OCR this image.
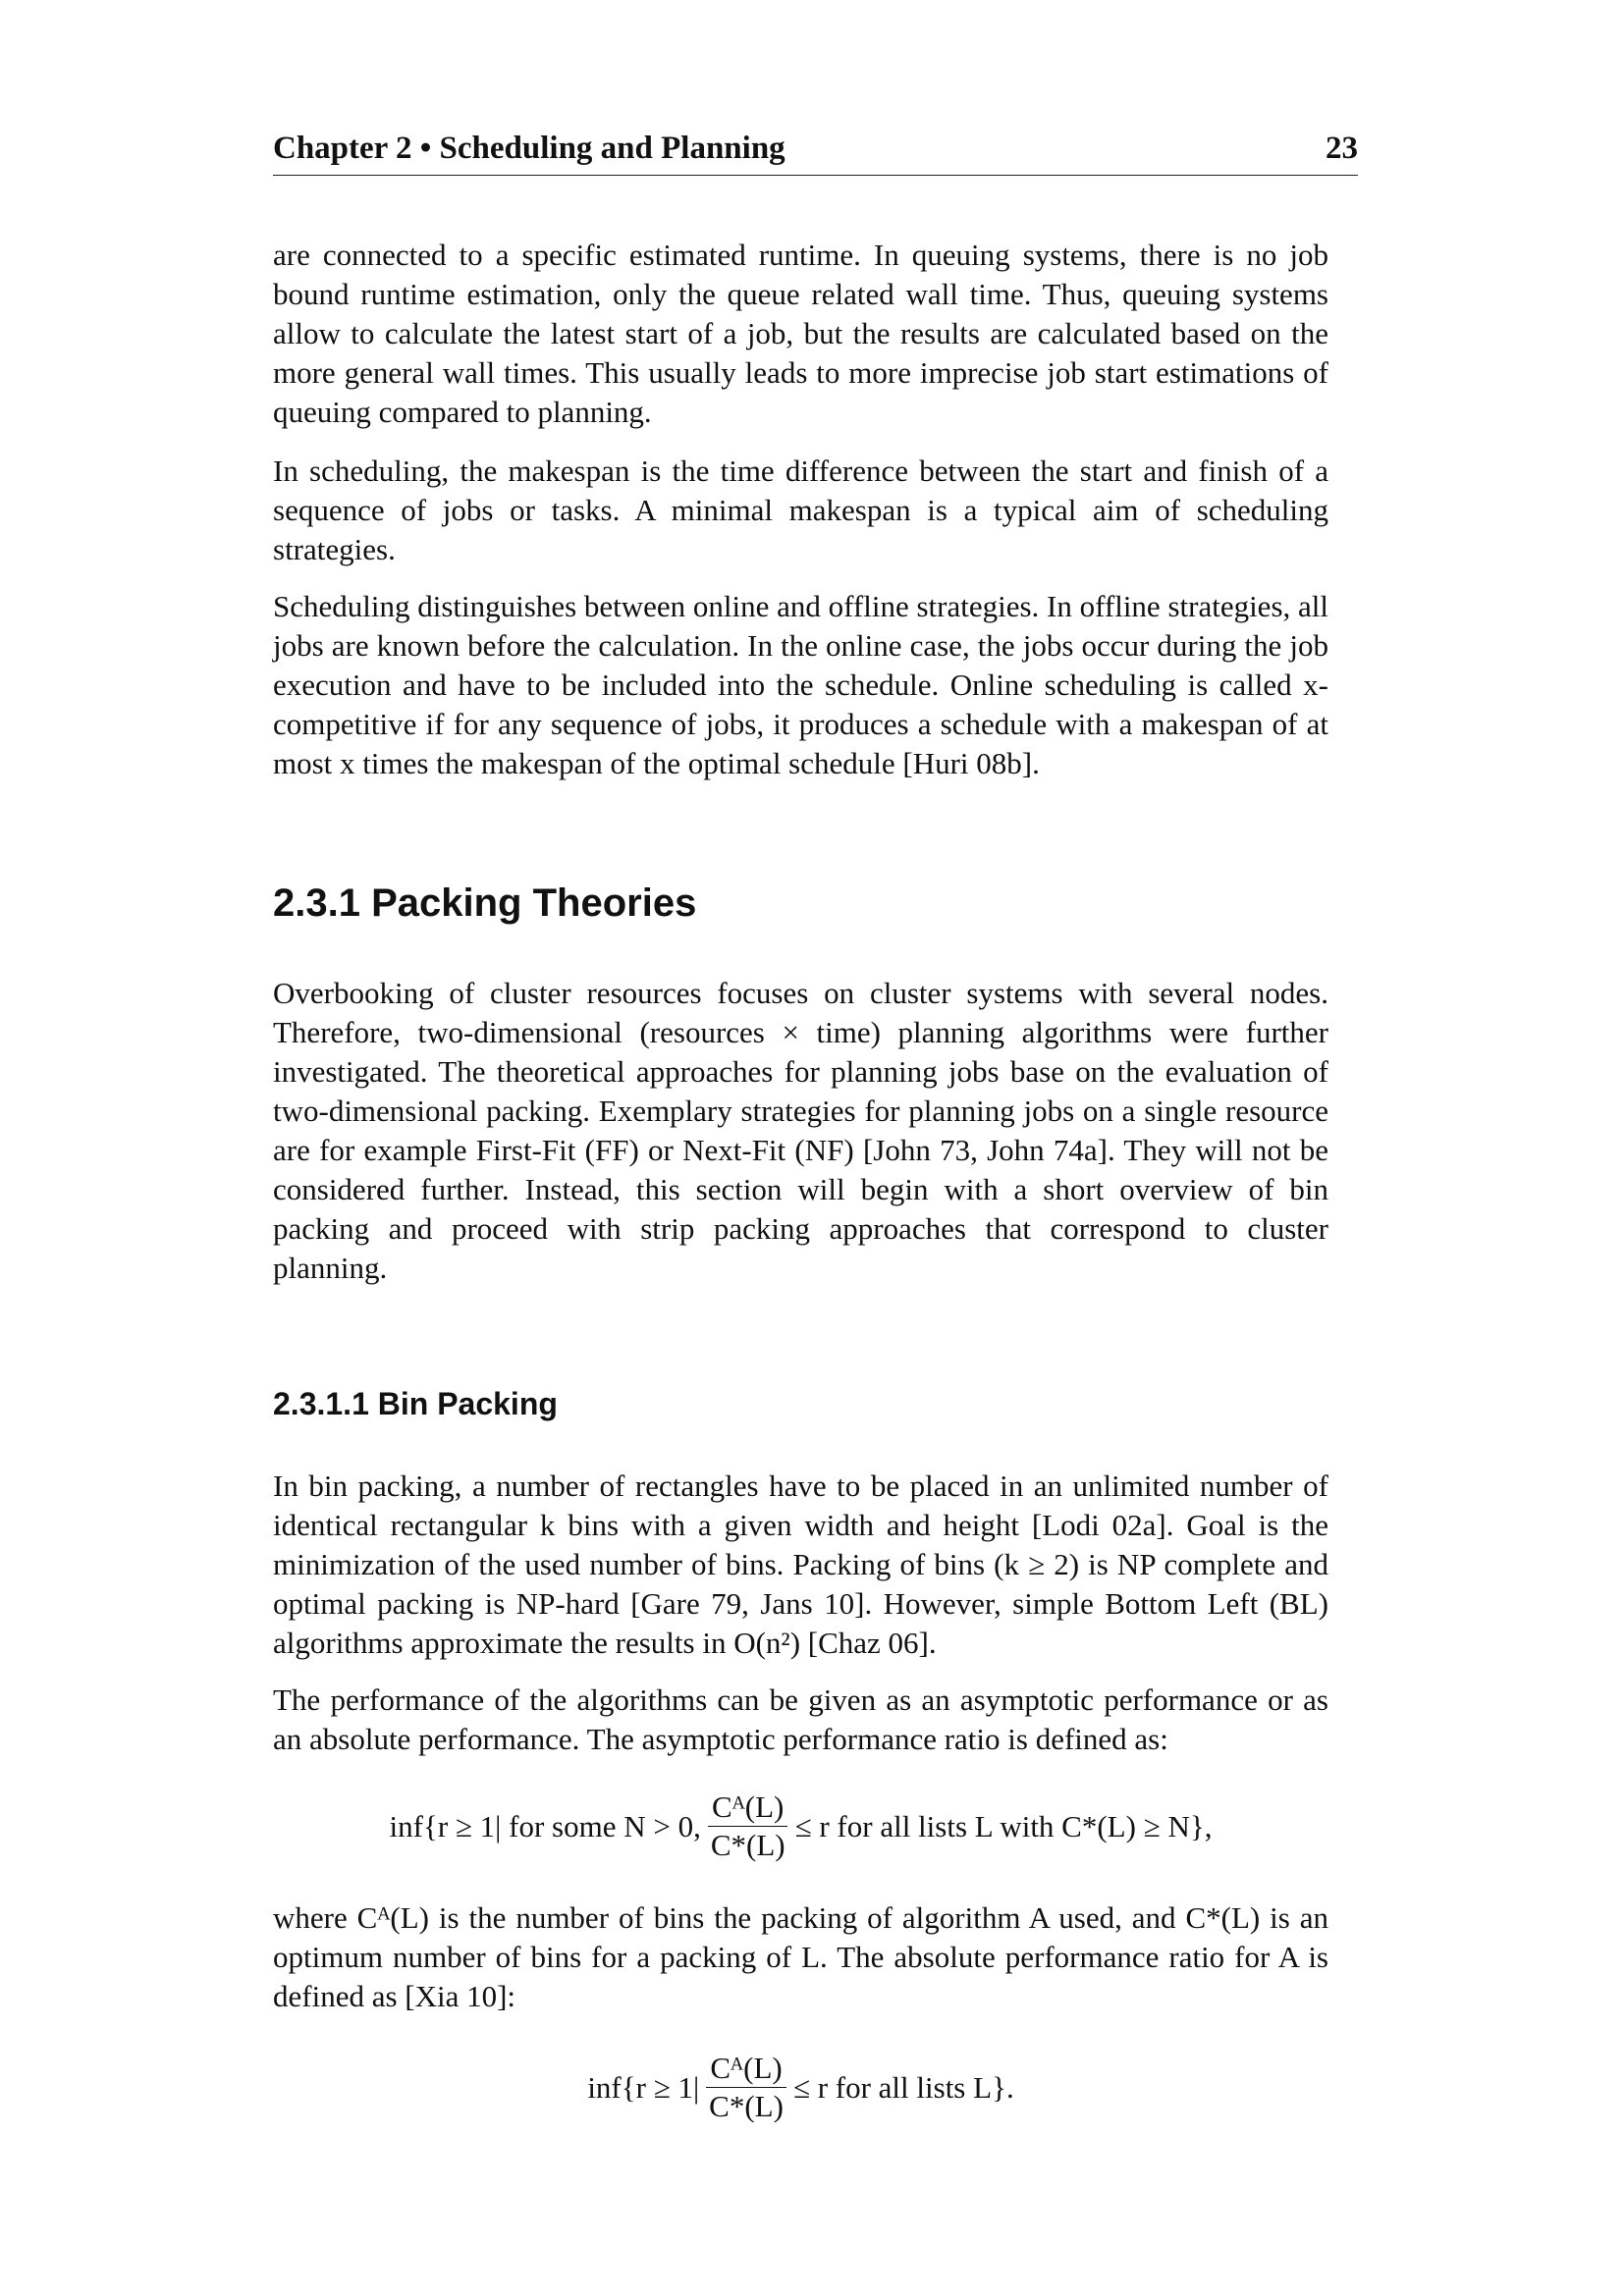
Chapter 2 • Scheduling and Planning	23

are connected to a specific estimated runtime. In queuing systems, there is no job bound runtime estimation, only the queue related wall time. Thus, queuing systems allow to calculate the latest start of a job, but the results are calculated based on the more general wall times. This usually leads to more imprecise job start estimations of queuing compared to planning.

In scheduling, the makespan is the time difference between the start and finish of a sequence of jobs or tasks. A minimal makespan is a typical aim of scheduling strategies.

Scheduling distinguishes between online and offline strategies. In offline strategies, all jobs are known before the calculation. In the online case, the jobs occur during the job execution and have to be included into the schedule. Online scheduling is called x-competitive if for any sequence of jobs, it produces a schedule with a makespan of at most x times the makespan of the optimal schedule [Huri 08b].

2.3.1 Packing Theories

Overbooking of cluster resources focuses on cluster systems with several nodes. Therefore, two-dimensional (resources × time) planning algorithms were further investigated. The theoretical approaches for planning jobs base on the evaluation of two-dimensional packing. Exemplary strategies for planning jobs on a single resource are for example First-Fit (FF) or Next-Fit (NF) [John 73, John 74a]. They will not be considered further. Instead, this section will begin with a short overview of bin packing and proceed with strip packing approaches that correspond to cluster planning.

2.3.1.1 Bin Packing

In bin packing, a number of rectangles have to be placed in an unlimited number of identical rectangular k bins with a given width and height [Lodi 02a]. Goal is the minimization of the used number of bins. Packing of bins (k ≥ 2) is NP complete and optimal packing is NP-hard [Gare 79, Jans 10]. However, simple Bottom Left (BL) algorithms approximate the results in O(n²) [Chaz 06].

The performance of the algorithms can be given as an asymptotic performance or as an absolute performance. The asymptotic performance ratio is defined as:

inf{r ≥ 1| for some N > 0, $\frac{\text{Cᴬ(L)}}{C*(L)} \le r$ for all lists L with C*(L) ≥ N},

where Cᴬ(L) is the number of bins the packing of algorithm A used, and C*(L) is an optimum number of bins for a packing of L. The absolute performance ratio for A is defined as [Xia 10]:

$inf\{r \ge 1| \frac{\text{Cᴬ(L)}}{C*(L)} \le r$ for all lists L}.
